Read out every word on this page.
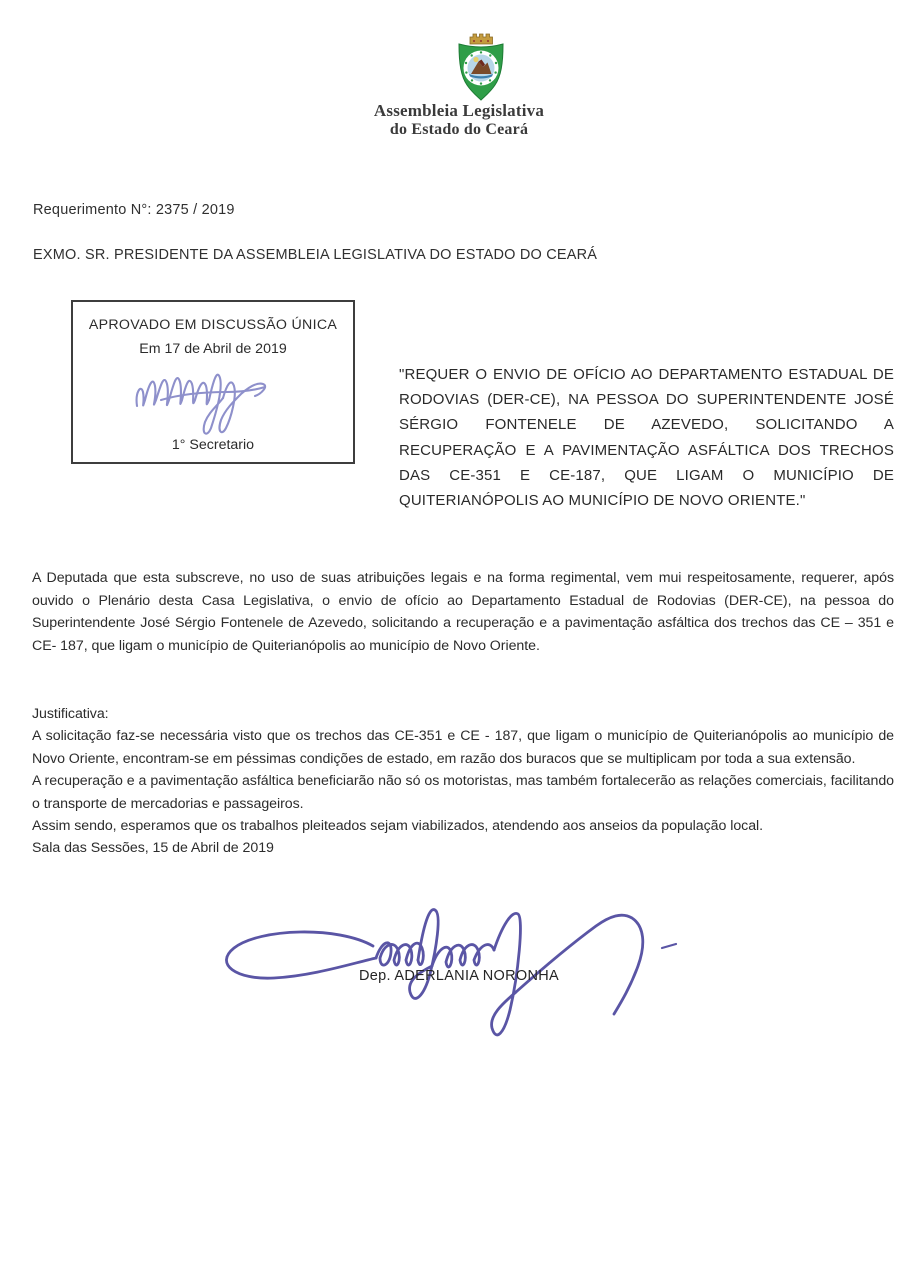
Assembleia Legislativa
do Estado do Ceará
Requerimento N°: 2375 / 2019
EXMO. SR. PRESIDENTE DA ASSEMBLEIA LEGISLATIVA DO ESTADO DO CEARÁ
APROVADO EM DISCUSSÃO ÚNICA
Em 17 de Abril de 2019
1° Secretario
"REQUER O ENVIO DE OFÍCIO AO DEPARTAMENTO ESTADUAL DE RODOVIAS (DER-CE), NA PESSOA DO SUPERINTENDENTE JOSÉ SÉRGIO FONTENELE DE AZEVEDO, SOLICITANDO A RECUPERAÇÃO E A PAVIMENTAÇÃO ASFÁLTICA DOS TRECHOS DAS CE-351 E CE-187, QUE LIGAM O MUNICÍPIO DE QUITERIANÓPOLIS AO MUNICÍPIO DE NOVO ORIENTE."
A Deputada que esta subscreve, no uso de suas atribuições legais e na forma regimental, vem mui respeitosamente, requerer, após ouvido o Plenário desta Casa Legislativa, o envio de ofício ao Departamento Estadual de Rodovias (DER-CE), na pessoa do Superintendente José Sérgio Fontenele de Azevedo, solicitando a recuperação e a pavimentação asfáltica dos trechos das CE – 351 e CE- 187, que ligam o município de Quiterianópolis ao município de Novo Oriente.

Justificativa:

A solicitação faz-se necessária visto que os trechos das CE-351 e CE - 187, que ligam o município de Quiterianópolis ao município de Novo Oriente, encontram-se em péssimas condições de estado, em razão dos buracos que se multiplicam por toda a sua extensão.

A recuperação e a pavimentação asfáltica beneficiarão não só os motoristas, mas também fortalecerão as relações comerciais, facilitando o transporte de mercadorias e passageiros.

Assim sendo, esperamos que os trabalhos pleiteados sejam viabilizados, atendendo aos anseios da população local.

Sala das Sessões, 15 de Abril de 2019

Dep. ADERLANIA NORONHA
